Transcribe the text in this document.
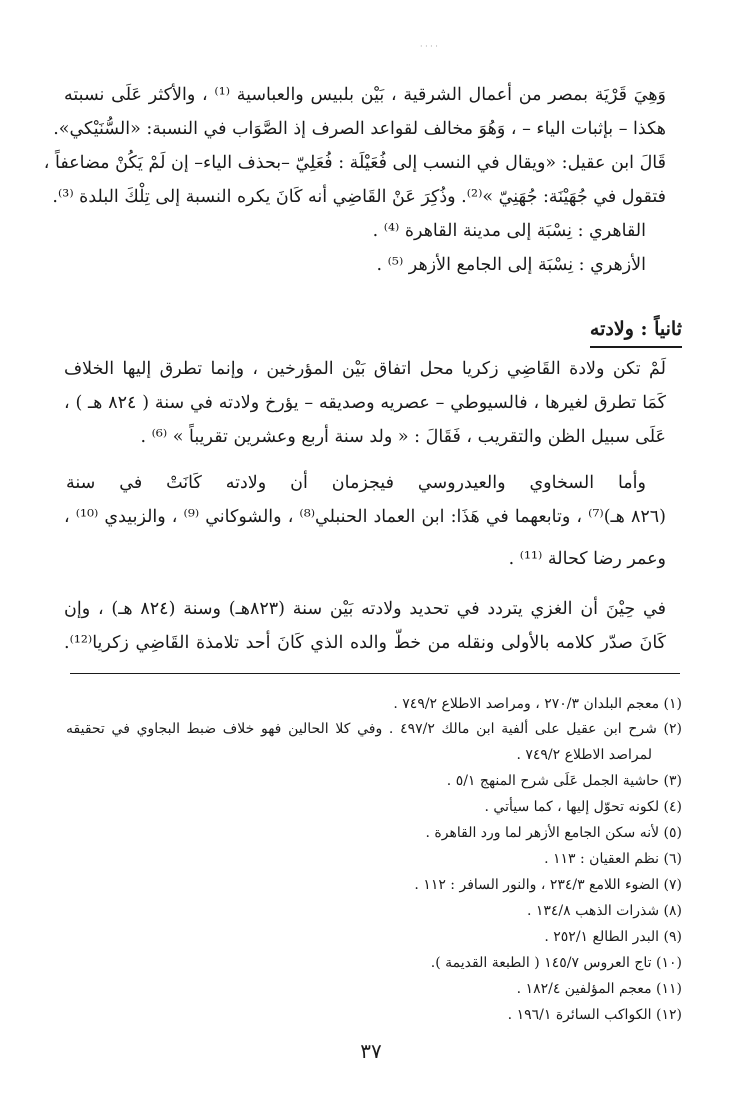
· · · ·
وَهِيَ قَرْيَة بمصر من أعمال الشرقية ، بَيْن بلبيس والعباسية ⁽¹⁾ ، والأكثر عَلَى نسبته
هكذا – بإثبات الياء – ، وَهُوَ مخالف لقواعد الصرف إذ الصَّوَاب في النسبة: «السُّنَيْكي».
قَالَ ابن عقيل: «ويقال في النسب إلى فُعَيْلَة : فُعَلِيّ –بحذف الياء– إن لَمْ يَكُنْ مضاعفاً ،
فتقول في جُهَيْنَة: جُهَنِيّ »⁽²⁾. وذُكِرَ عَنْ القَاضِي أنه كَانَ يكره النسبة إلى تِلْكَ البلدة ⁽³⁾.
القاهري : نِسْبَة إلى مدينة القاهرة ⁽⁴⁾ .
الأزهري : نِسْبَة إلى الجامع الأزهر ⁽⁵⁾ .
ثانياً : ولادته
لَمْ تكن ولادة القَاضِي زكريا محل اتفاق بَيْن المؤرخين ، وإنما تطرق إليها الخلاف
كَمَا تطرق لغيرها ، فالسيوطي – عصريه وصديقه – يؤرخ ولادته في سنة ( ٨٢٤ هـ ) ،
عَلَى سبيل الظن والتقريب ، فَقَالَ : « ولد سنة أربع وعشرين تقريباً » ⁽⁶⁾ .
وأما السخاوي والعيدروسي فيجزمان أن ولادته كَانَتْ في سنة
(٨٢٦ هـ)⁽⁷⁾ ، وتابعهما في هَذَا: ابن العماد الحنبلي⁽⁸⁾ ، والشوكاني ⁽⁹⁾ ، والزبيدي ⁽¹⁰⁾ ،
وعمر رضا كحالة ⁽¹¹⁾ .
في حِيْنَ أن الغزي يتردد في تحديد ولادته بَيْن سنة (٨٢٣هـ) وسنة (٨٢٤ هـ) ، وإن
كَانَ صدّر كلامه بالأولى ونقله من خطّ والده الذي كَانَ أحد تلامذة القَاضِي زكريا⁽¹²⁾.
(١) معجم البلدان ٢٧٠/٣ ، ومراصد الاطلاع ٧٤٩/٢ .
(٢) شرح ابن عقيل على ألفية ابن مالك ٤٩٧/٢ . وفي كلا الحالين فهو خلاف ضبط البجاوي في تحقيقه
لمراصد الاطلاع ٧٤٩/٢ .
(٣) حاشية الجمل عَلَى شرح المنهج ٥/١ .
(٤) لكونه تحوّل إليها ، كما سيأتي .
(٥) لأنه سكن الجامع الأزهر لما ورد القاهرة .
(٦) نظم العقيان : ١١٣ .
(٧) الضوء اللامع ٢٣٤/٣ ، والنور السافر : ١١٢ .
(٨) شذرات الذهب ١٣٤/٨ .
(٩) البدر الطالع ٢٥٢/١ .
(١٠) تاج العروس ١٤٥/٧ ( الطبعة القديمة ).
(١١) معجم المؤلفين ١٨٢/٤ .
(١٢) الكواكب السائرة ١٩٦/١ .
٣٧
